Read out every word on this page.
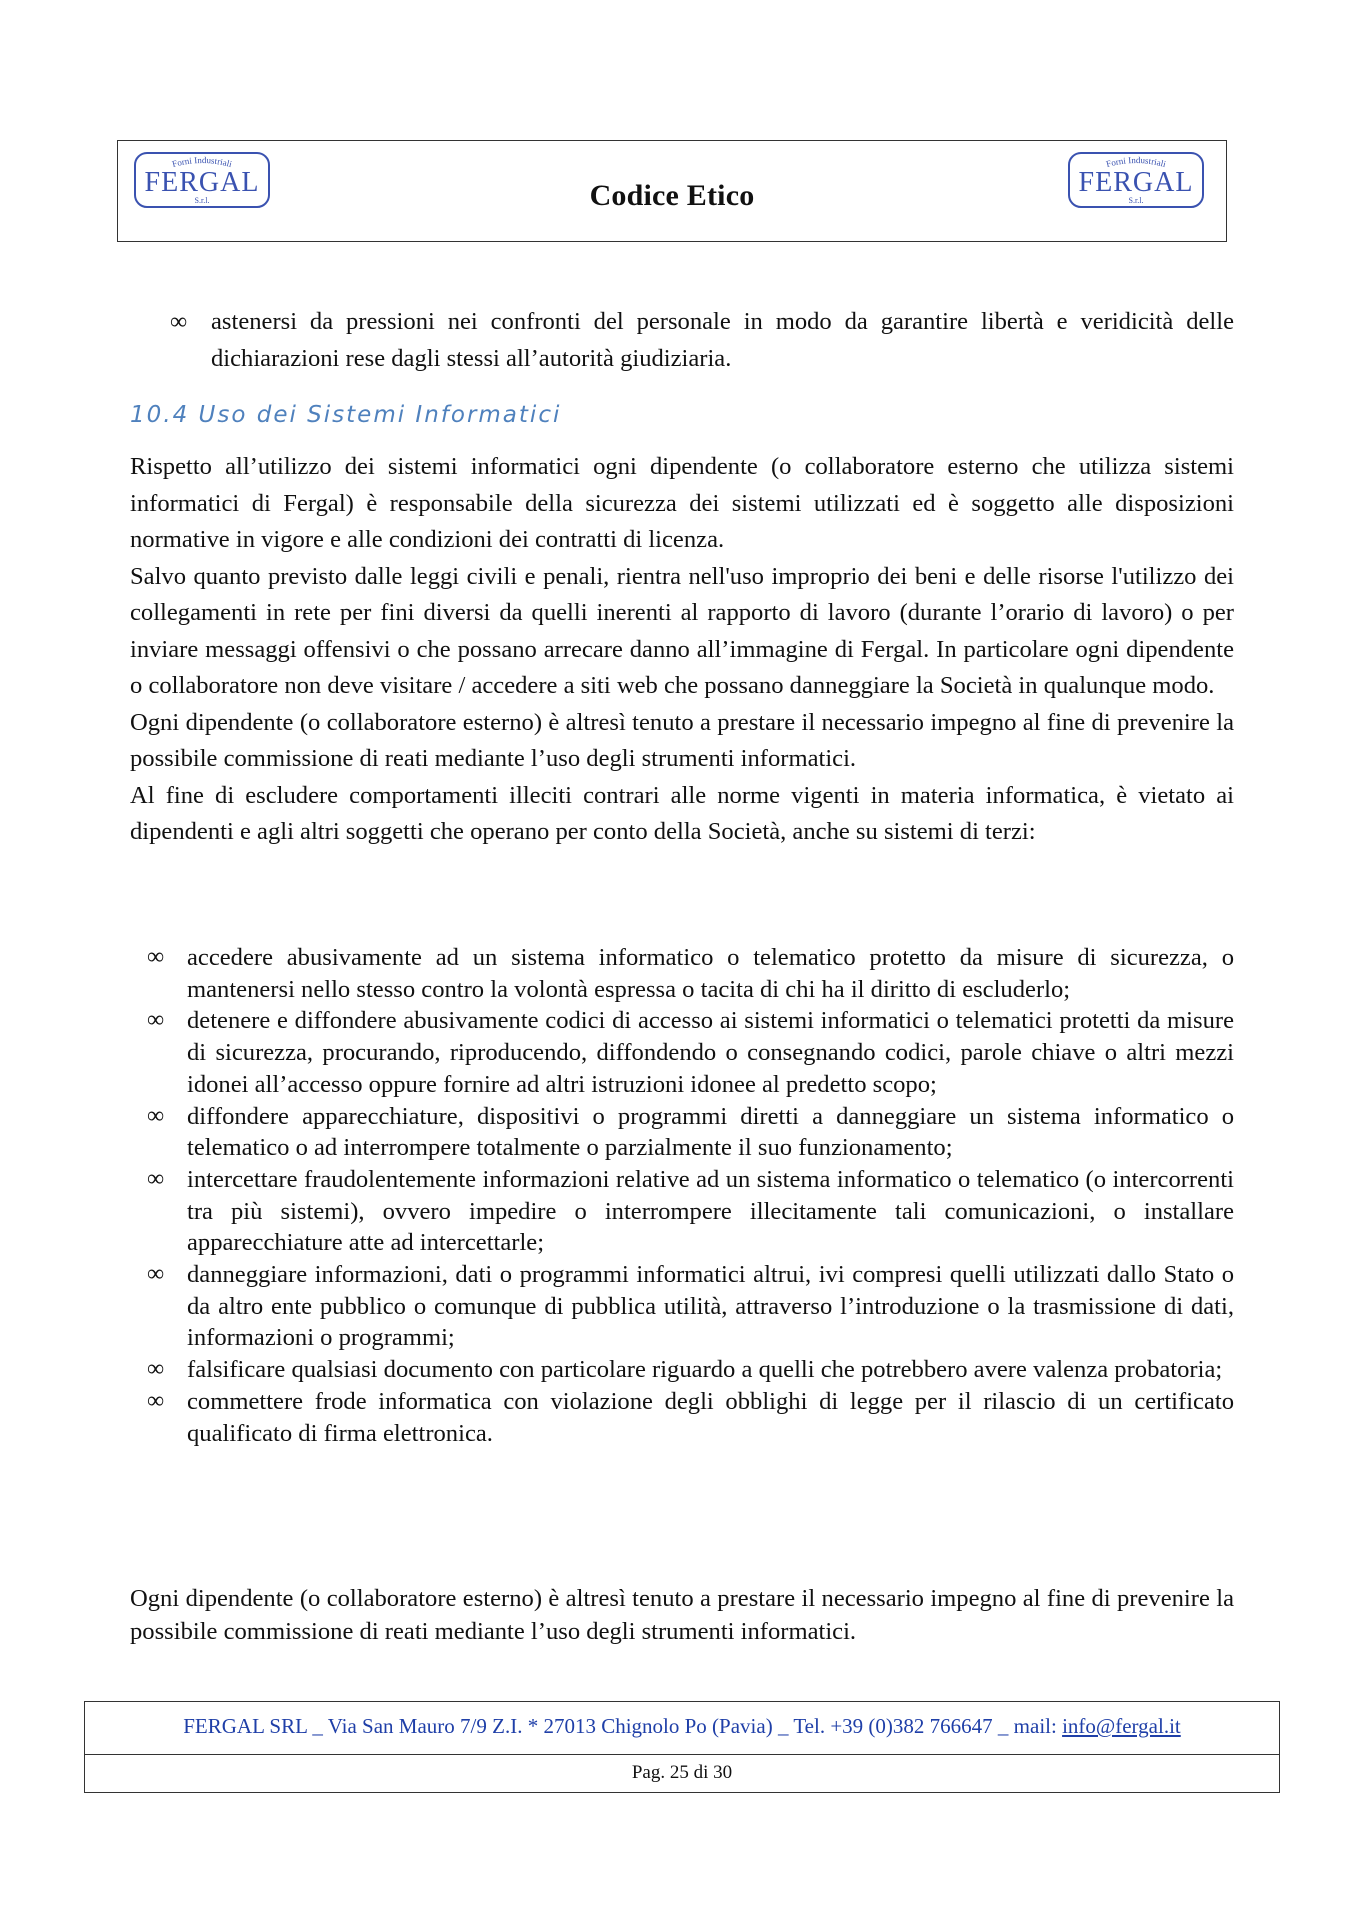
Forni Industriali
FERGAL
S.r.l.	Codice Etico
Forni Industriali
FERGAL
S.r.l.
∞ astenersi da pressioni nei confronti del personale in modo da garantire libertà e veridicità delle dichiarazioni rese dagli stessi all’autorità giudiziaria.
10.4 Uso dei Sistemi Informatici

Rispetto all’utilizzo dei sistemi informatici ogni dipendente (o collaboratore esterno che utilizza sistemi informatici di Fergal) è responsabile della sicurezza dei sistemi utilizzati ed è soggetto alle disposizioni normative in vigore e alle condizioni dei contratti di licenza.

Salvo quanto previsto dalle leggi civili e penali, rientra nell'uso improprio dei beni e delle risorse l'utilizzo dei collegamenti in rete per fini diversi da quelli inerenti al rapporto di lavoro (durante l’orario di lavoro) o per inviare messaggi offensivi o che possano arrecare danno all’immagine di Fergal. In particolare ogni dipendente o collaboratore non deve visitare / accedere a siti web che possano danneggiare la Società in qualunque modo.

Ogni dipendente (o collaboratore esterno) è altresì tenuto a prestare il necessario impegno al fine di prevenire la possibile commissione di reati mediante l’uso degli strumenti informatici.

Al fine di escludere comportamenti illeciti contrari alle norme vigenti in materia informatica, è vietato ai dipendenti e agli altri soggetti che operano per conto della Società, anche su sistemi di terzi:

∞ accedere abusivamente ad un sistema informatico o telematico protetto da misure di sicurezza, o mantenersi nello stesso contro la volontà espressa o tacita di chi ha il diritto di escluderlo;
∞ detenere e diffondere abusivamente codici di accesso ai sistemi informatici o telematici protetti da misure di sicurezza, procurando, riproducendo, diffondendo o consegnando codici, parole chiave o altri mezzi idonei all’accesso oppure fornire ad altri istruzioni idonee al predetto scopo;
∞ diffondere apparecchiature, dispositivi o programmi diretti a danneggiare un sistema informatico o telematico o ad interrompere totalmente o parzialmente il suo funzionamento;
∞ intercettare fraudolentemente informazioni relative ad un sistema informatico o telematico (o intercorrenti tra più sistemi), ovvero impedire o interrompere illecitamente tali comunicazioni, o installare apparecchiature atte ad intercettarle;
∞ danneggiare informazioni, dati o programmi informatici altrui, ivi compresi quelli utilizzati dallo Stato o da altro ente pubblico o comunque di pubblica utilità, attraverso l’introduzione o la trasmissione di dati, informazioni o programmi;
∞ falsificare qualsiasi documento con particolare riguardo a quelli che potrebbero avere valenza probatoria;
∞ commettere frode informatica con violazione degli obblighi di legge per il rilascio di un certificato qualificato di firma elettronica.

Ogni dipendente (o collaboratore esterno) è altresì tenuto a prestare il necessario impegno al fine di prevenire la possibile commissione di reati mediante l’uso degli strumenti informatici.

FERGAL SRL _ Via San Mauro 7/9 Z.I. * 27013 Chignolo Po (Pavia) _ Tel. +39 (0)382 766647 _ mail: info@fergal.it
Pag. 25 di 30
